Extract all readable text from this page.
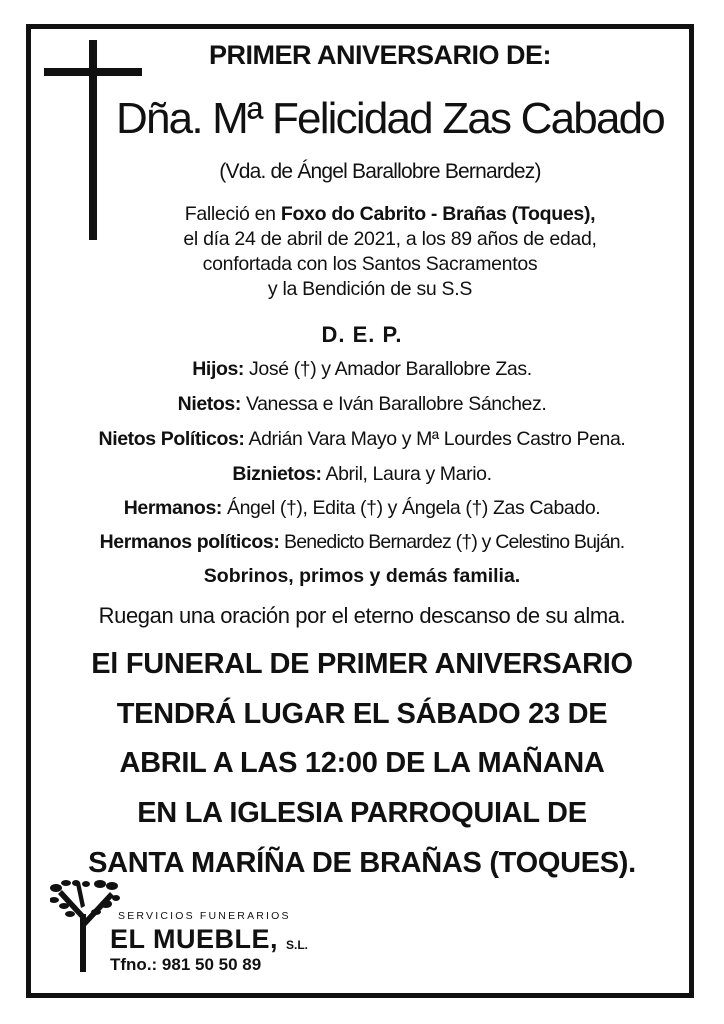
PRIMER ANIVERSARIO DE:
Dña. Mª Felicidad Zas Cabado
(Vda. de Ángel Barallobre Bernardez)
Falleció en Foxo do Cabrito - Brañas (Toques),
el día 24 de abril de 2021, a los 89 años de edad,
confortada con los Santos Sacramentos
y la Bendición de su S.S
D. E. P.
Hijos: José (†) y Amador Barallobre Zas.
Nietos: Vanessa e Iván Barallobre Sánchez.
Nietos Políticos: Adrián Vara Mayo y Mª Lourdes Castro Pena.
Biznietos: Abril, Laura y Mario.
Hermanos: Ángel (†), Edita (†) y Ángela (†) Zas Cabado.
Hermanos políticos: Benedicto Bernardez (†) y Celestino Buján.
Sobrinos, primos y demás familia.
Ruegan una oración por el eterno descanso de su alma.
El FUNERAL DE PRIMER ANIVERSARIO
TENDRÁ LUGAR EL SÁBADO 23 DE
ABRIL A LAS 12:00 DE LA MAÑANA
EN LA IGLESIA PARROQUIAL DE
SANTA MARÍÑA DE BRAÑAS (TOQUES).
SERVICIOS FUNERARIOS
EL MUEBLE, S.L.
Tfno.: 981 50 50 89
